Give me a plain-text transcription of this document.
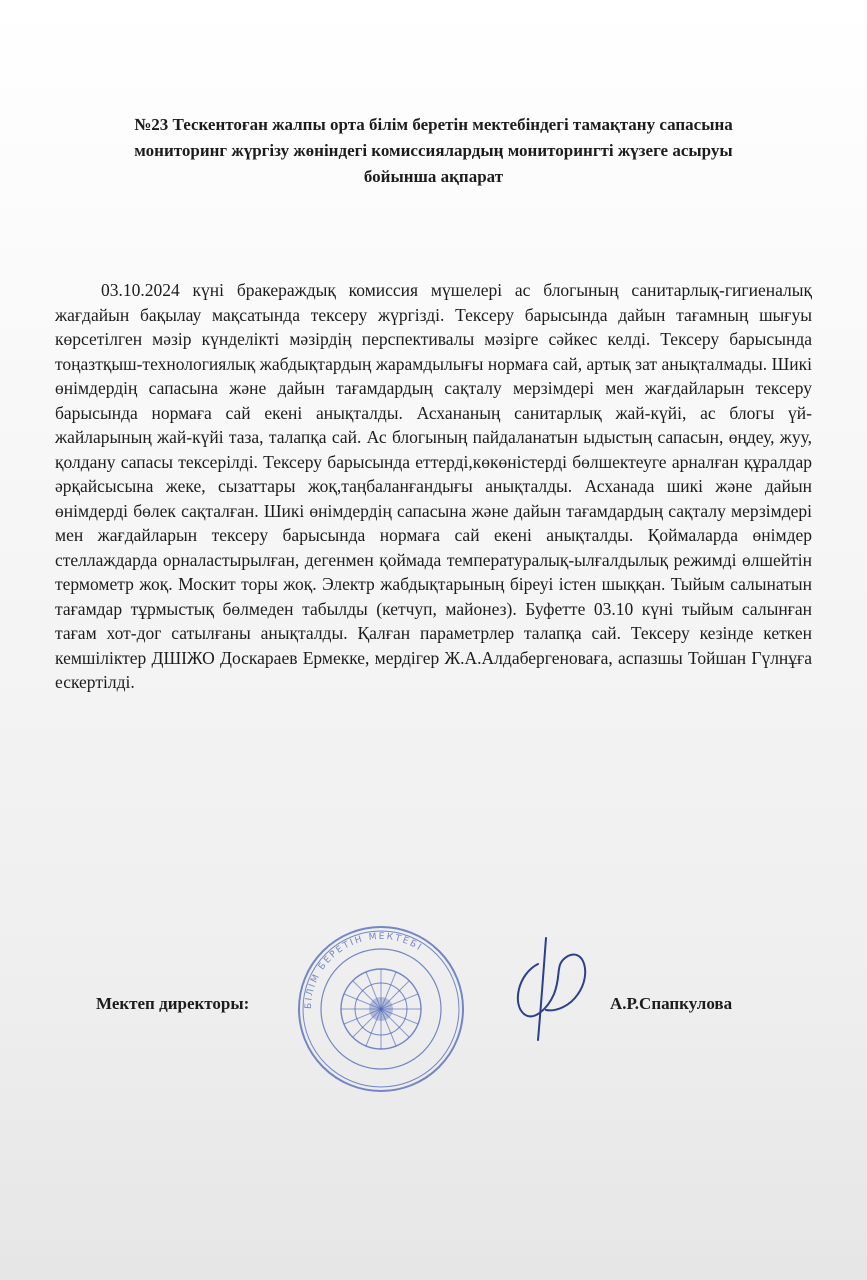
№23 Тескентоған жалпы орта білім беретін мектебіндегі тамақтану сапасына
мониторинг жүргізу жөніндегі комиссиялардың мониторингті жүзеге асыруы
бойынша ақпарат

03.10.2024 күні бракераждық комиссия мүшелері ас блогының санитарлық-гигиеналық жағдайын бақылау мақсатында тексеру жүргізді. Тексеру барысында дайын тағамның шығуы көрсетілген мәзір күнделікті мәзірдің перспективалы мәзірге сәйкес келді. Тексеру барысында тоңазтқыш-технологиялық жабдықтардың жарамдылығы нормаға сай, артық зат анықталмады. Шикі өнімдердің сапасына және дайын тағамдардың сақталу мерзімдері мен жағдайларын тексеру барысында нормаға сай екені анықталды. Асхананың санитарлық жай-күйі, ас блогы үй-жайларының жай-күйі таза, талапқа сай. Ас блогының пайдаланатын ыдыстың сапасын, өңдеу, жуу, қолдану сапасы тексерілді. Тексеру барысында еттерді,көкөністерді бөлшектеуге арналған құралдар әрқайсысына жеке, сызаттары жоқ,таңбаланғандығы анықталды. Асханада шикі және дайын өнімдерді бөлек сақталған. Шикі өнімдердің сапасына және дайын тағамдардың сақталу мерзімдері мен жағдайларын тексеру барысында нормаға сай екені анықталды. Қоймаларда өнімдер стеллаждарда орналастырылған, дегенмен қоймада температуралық-ылғалдылық режимді өлшейтін термометр жоқ. Москит торы жоқ. Электр жабдықтарының біреуі істен шыққан. Тыйым салынатын тағамдар тұрмыстық бөлмеден табылды (кетчуп, майонез). Буфетте 03.10 күні тыйым салынған тағам хот-дог сатылғаны анықталды. Қалған параметрлер талапқа сай. Тексеру кезінде кеткен кемшіліктер ДШІЖО Доскараев Ермекке, мердігер Ж.А.Алдабергеноваға, аспазшы Тойшан Гүлнұға ескертілді.

БІЛІМ БЕРЕТІН МЕКТЕБІ
Мектеп директоры:	А.Р.Спапкулова
